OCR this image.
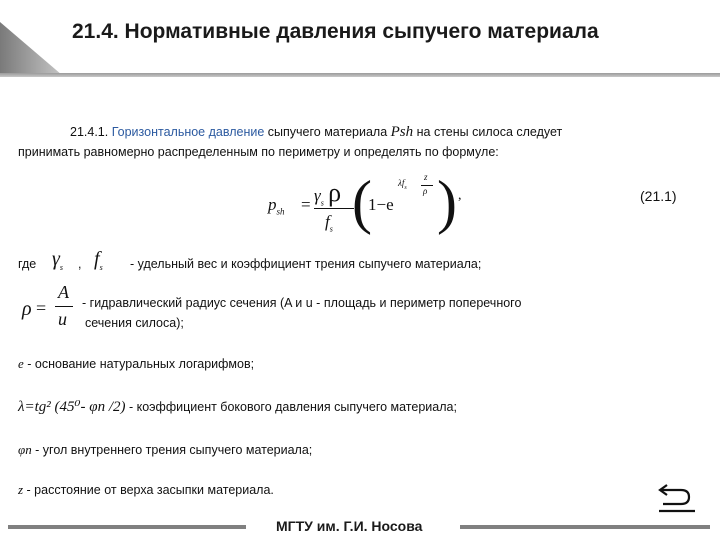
21.4. Нормативные давления сыпучего материала
21.4.1. Горизонтальное давление сыпучего материала Psh на стены силоса следует
принимать равномерно распределенным по периметру и определять по формуле:
$p_{sh} = \gamma_s$ ρ
$f_s$ (
1−e
$\lambda f_s$
z
ρ ) ,	(21.1)
где $\gamma_s$ , $f_s$ - удельный вес и коэффициент трения сыпучего материала;
ρ =
A
u
- гидравлический радиус сечения (A и u - площадь и периметр поперечного
сечения силоса);
e - основание натуральных логарифмов;
λ=tg² (45⁰- φп /2) - коэффициент бокового давления сыпучего материала;
φп - угол внутреннего трения сыпучего материала;
z - расстояние от верха засыпки материала.
МГТУ им. Г.И. Носова
